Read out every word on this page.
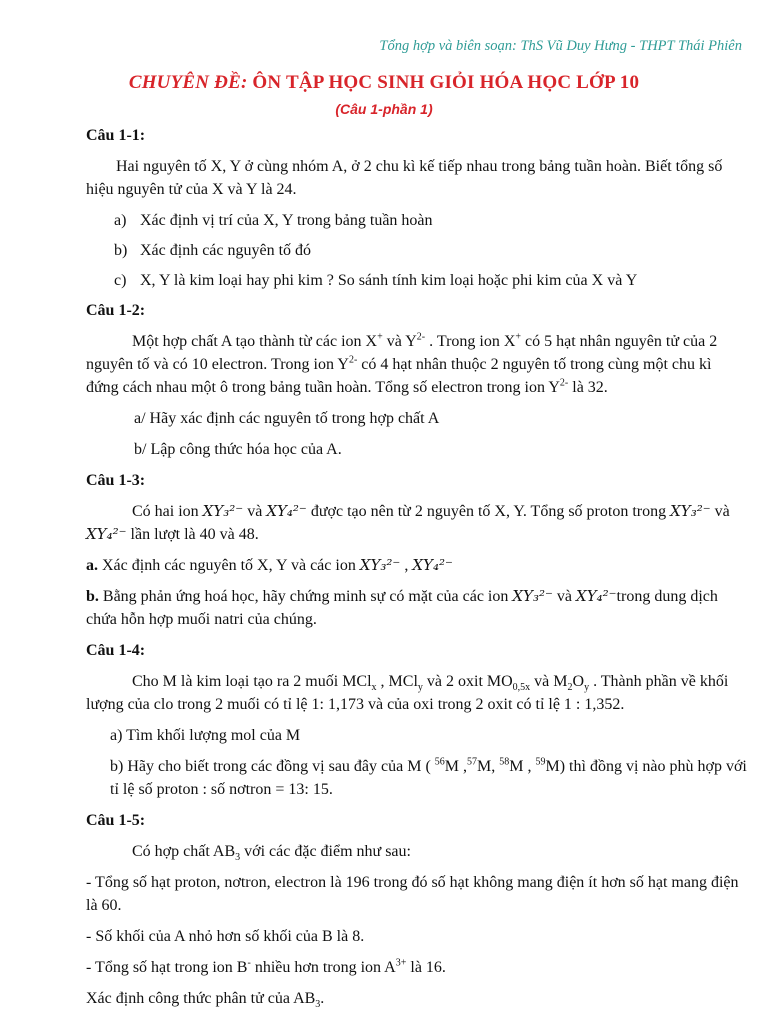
Tổng hợp và biên soạn: ThS Vũ Duy Hưng - THPT Thái Phiên
CHUYÊN ĐỀ: ÔN TẬP HỌC SINH GIỎI HÓA HỌC LỚP 10
(Câu 1-phần 1)
Câu 1-1:

Hai nguyên tố X, Y ở cùng nhóm A, ở 2 chu kì kế tiếp nhau trong bảng tuần hoàn. Biết tổng số hiệu nguyên tử của X và Y là 24.

a) Xác định vị trí của X, Y trong bảng tuần hoàn
b) Xác định các nguyên tố đó
c) X, Y là kim loại hay phi kim ? So sánh tính kim loại hoặc phi kim của X và Y
Câu 1-2:

Một hợp chất A tạo thành từ các ion X+ và $Y^{2-}$ . Trong ion X+ có 5 hạt nhân nguyên tử của 2 nguyên tố và có 10 electron. Trong ion $Y^{2-}$ có 4 hạt nhân thuộc 2 nguyên tố trong cùng một chu kì đứng cách nhau một ô trong bảng tuần hoàn. Tổng số electron trong ion $Y^{2-}$ là 32.

a/ Hãy xác định các nguyên tố trong hợp chất A

b/ Lập công thức hóa học của A.

Câu 1-3:

Có hai ion XY₃²⁻ và XY₄²⁻ được tạo nên từ 2 nguyên tố X, Y. Tổng số proton trong XY₃²⁻ và XY₄²⁻ lần lượt là 40 và 48.

a. Xác định các nguyên tố X, Y và các ion XY₃²⁻ , XY₄²⁻

b. Bằng phản ứng hoá học, hãy chứng minh sự có mặt của các ion XY₃²⁻ và XY₄²⁻trong dung dịch chứa hỗn hợp muối natri của chúng.

Câu 1-4:

Cho M là kim loại tạo ra 2 muối MCl$_x$ , MCl$_y$ và 2 oxit $MO_{0,5x}$ và $M_2O_y$ . Thành phần về khối lượng của clo trong 2 muối có tỉ lệ 1: 1,173 và của oxi trong 2 oxit có tỉ lệ 1 : 1,352.

a) Tìm khối lượng mol của M

b) Hãy cho biết trong các đồng vị sau đây của M ( $^{56}$M ,$^{57}$M, $^{58}$M , $^{59}$M) thì đồng vị nào phù hợp với tỉ lệ số proton : số nơtron = 13: 15.

Câu 1-5:

Có hợp chất $AB_3$ với các đặc điểm như sau:

- Tổng số hạt proton, nơtron, electron là 196 trong đó số hạt không mang điện ít hơn số hạt mang điện là 60.

- Số khối của A nhỏ hơn số khối của B là 8.

- Tổng số hạt trong ion B- nhiều hơn trong ion $A^{3+}$ là 16.

Xác định công thức phân tử của $AB_3$.
